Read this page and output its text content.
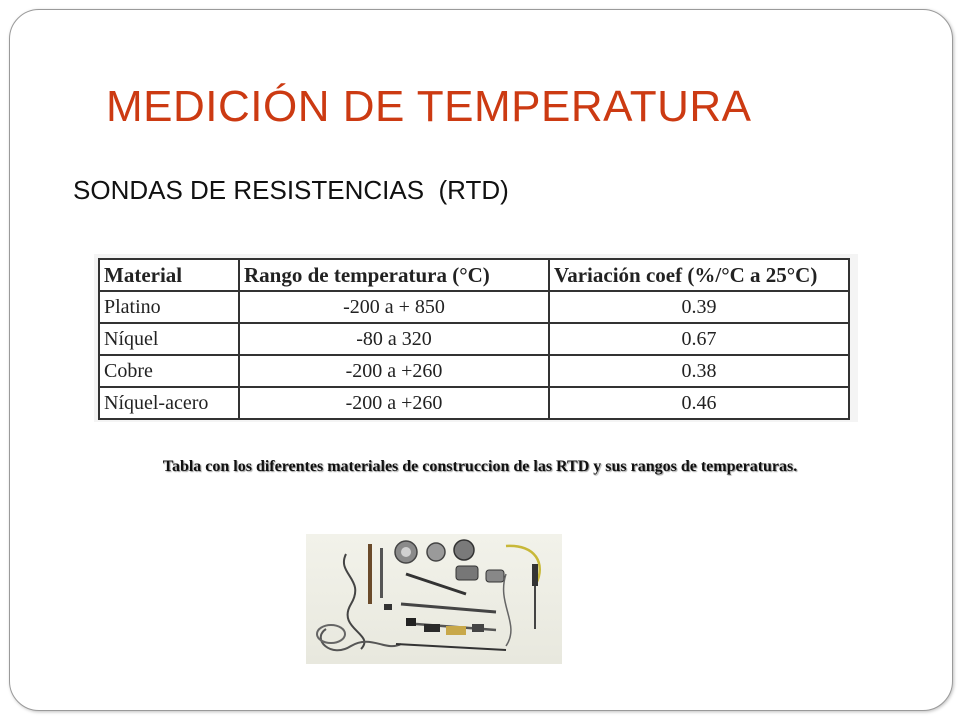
MEDICIÓN DE TEMPERATURA
SONDAS DE RESISTENCIAS  (RTD)
Material	Rango de temperatura (°C)	Variación coef (%/°C a 25°C)
Platino	-200 a + 850	0.39
Níquel	-80 a 320	0.67
Cobre	-200 a +260	0.38
Níquel-acero	-200 a +260	0.46
Tabla con los diferentes materiales de construccion de las RTD y sus rangos de temperaturas.
